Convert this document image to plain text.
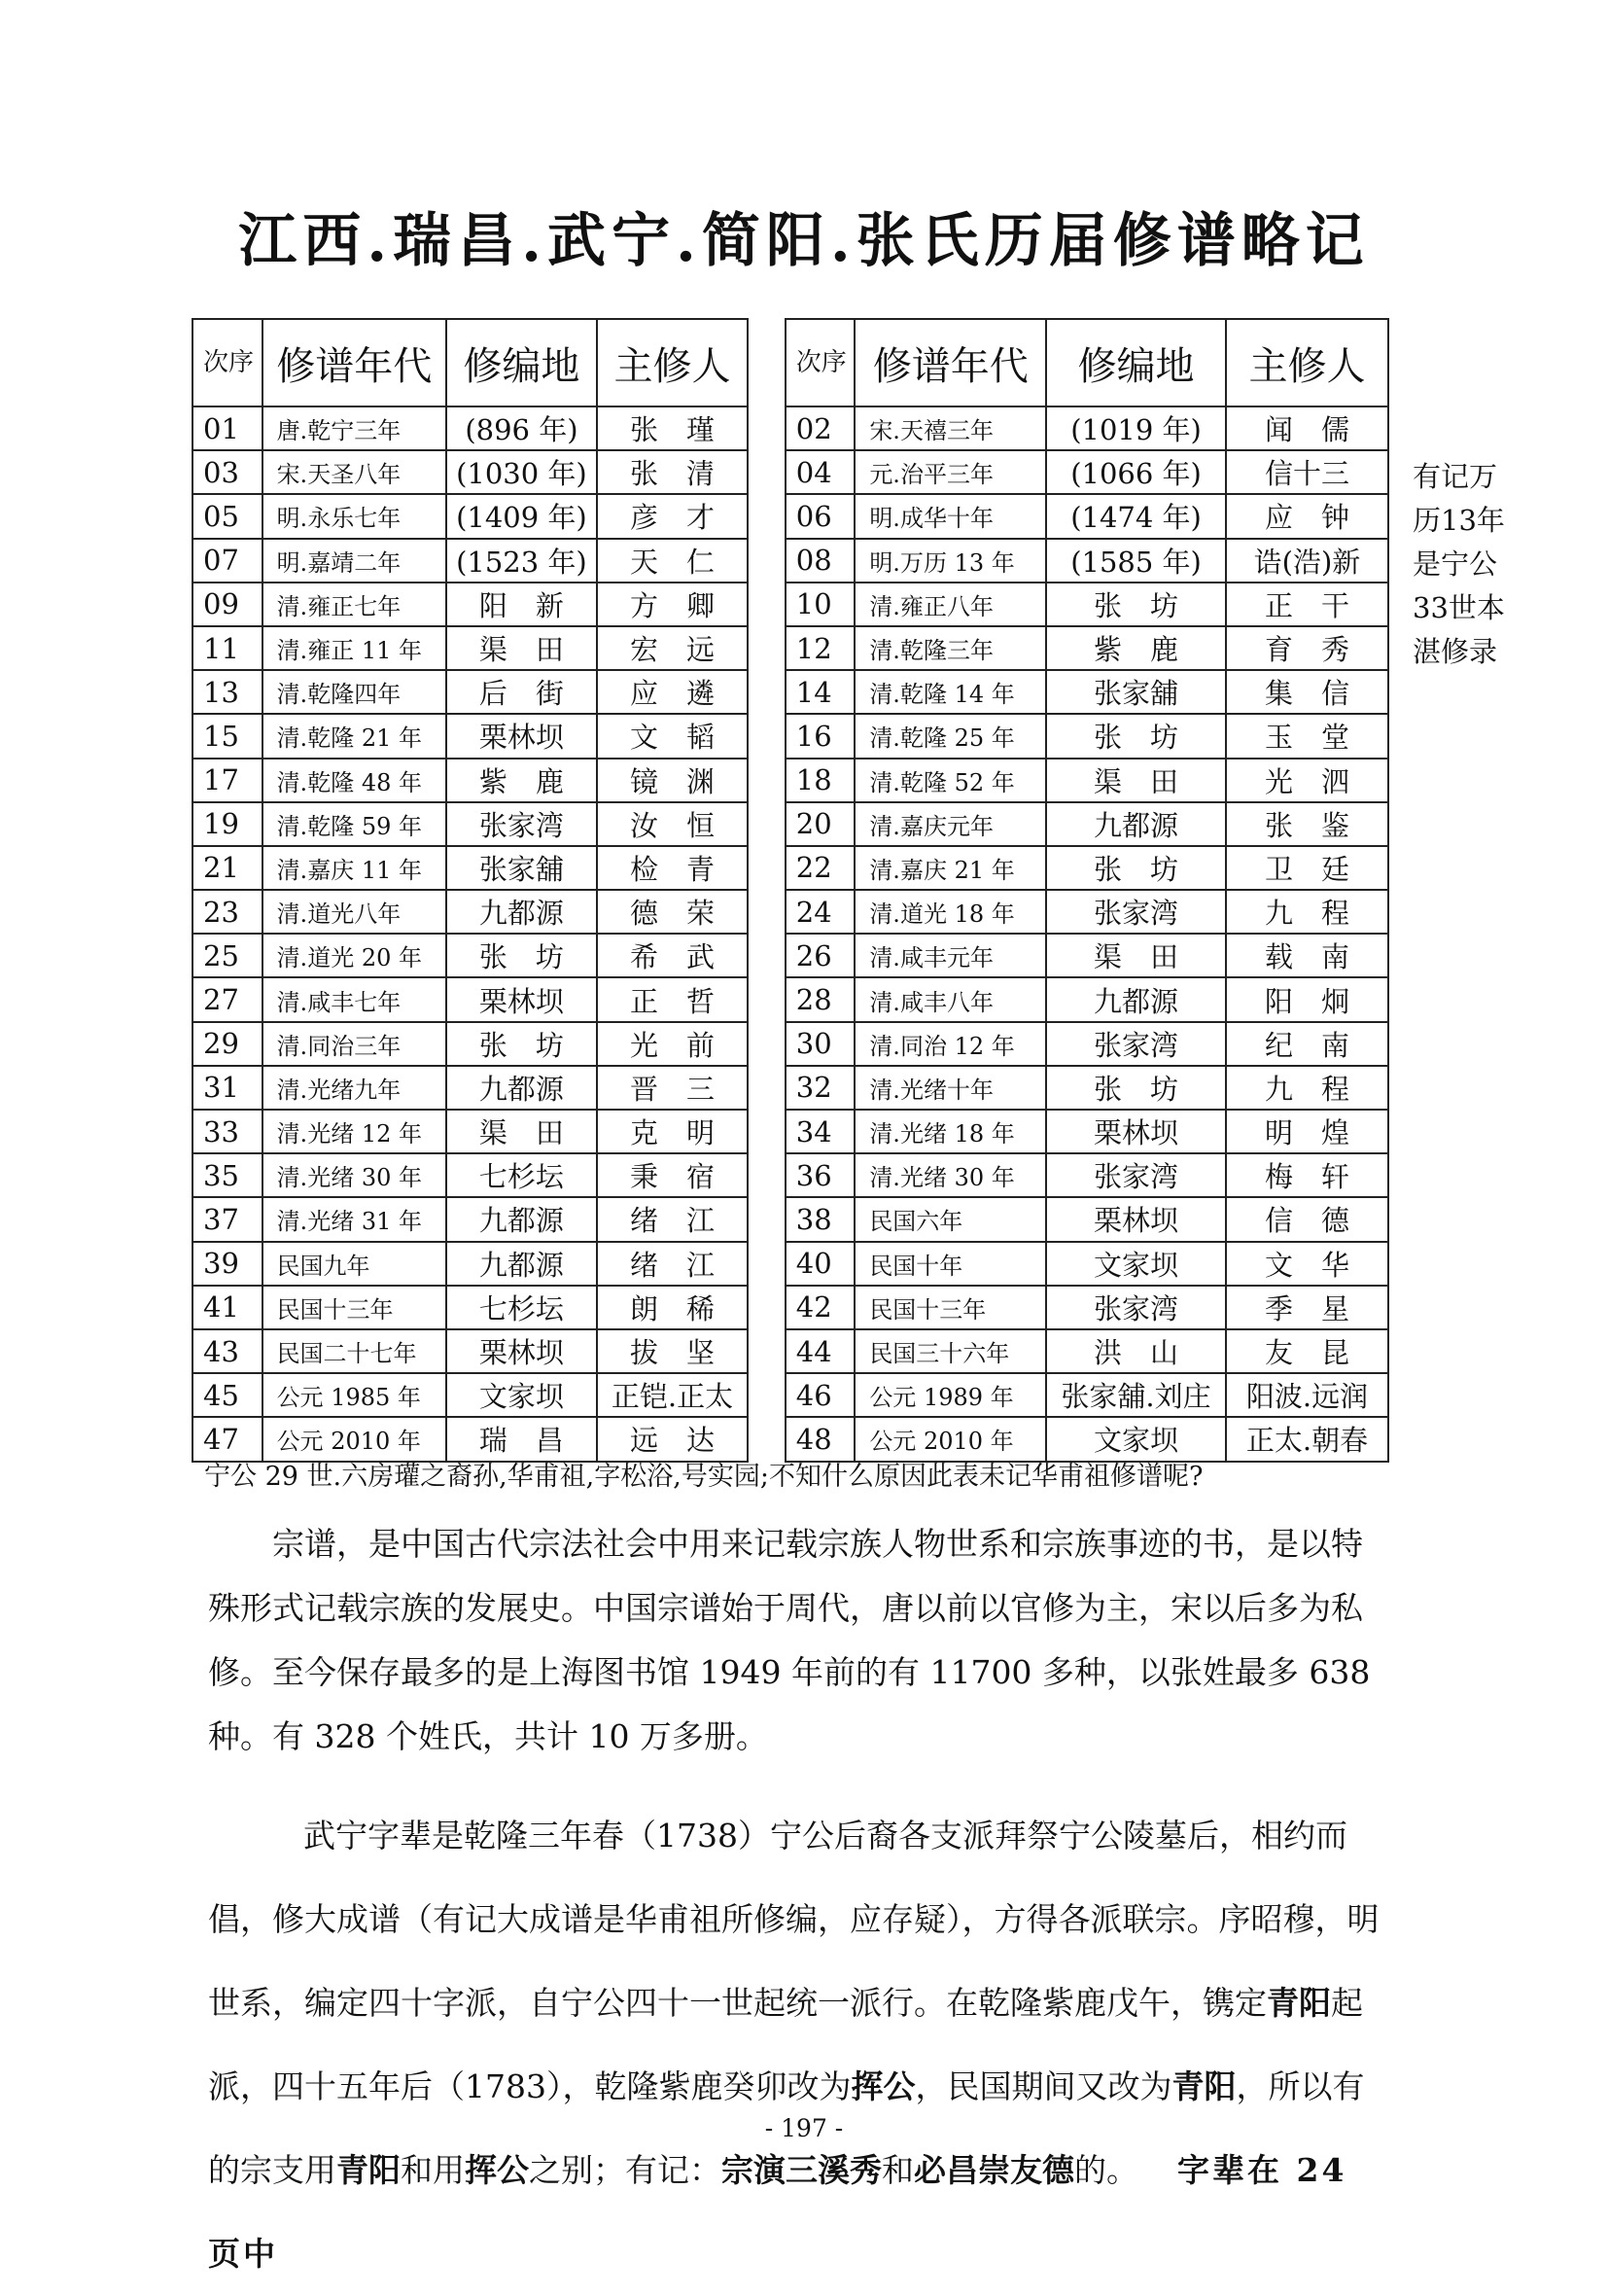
江西.瑞昌.武宁.简阳.张氏历届修谱略记
次序	修谱年代	修编地	主修人		次序	修谱年代	修编地	主修人
01	唐.乾宁三年	(896 年)	张　瑾		02	宋.天禧三年	(1019 年)	闻　儒
03	宋.天圣八年	(1030 年)	张　清		04	元.治平三年	(1066 年)	信十三
05	明.永乐七年	(1409 年)	彦　才		06	明.成华十年	(1474 年)	应　钟
07	明.嘉靖二年	(1523 年)	天　仁		08	明.万历 13 年	(1585 年)	诰(浩)新
09	清.雍正七年	阳　新	方　卿		10	清.雍正八年	张　坊	正　干
11	清.雍正 11 年	渠　田	宏　远		12	清.乾隆三年	紫　鹿	育　秀
13	清.乾隆四年	后　街	应　遴		14	清.乾隆 14 年	张家舖	集　信
15	清.乾隆 21 年	栗林坝	文　韬		16	清.乾隆 25 年	张　坊	玉　堂
17	清.乾隆 48 年	紫　鹿	镜　渊		18	清.乾隆 52 年	渠　田	光　泗
19	清.乾隆 59 年	张家湾	汝　恒		20	清.嘉庆元年	九都源	张　鉴
21	清.嘉庆 11 年	张家舖	检　青		22	清.嘉庆 21 年	张　坊	卫　廷
23	清.道光八年	九都源	德　荣		24	清.道光 18 年	张家湾	九　程
25	清.道光 20 年	张　坊	希　武		26	清.咸丰元年	渠　田	载　南
27	清.咸丰七年	栗林坝	正　哲		28	清.咸丰八年	九都源	阳　炯
29	清.同治三年	张　坊	光　前		30	清.同治 12 年	张家湾	纪　南
31	清.光绪九年	九都源	晋　三		32	清.光绪十年	张　坊	九　程
33	清.光绪 12 年	渠　田	克　明		34	清.光绪 18 年	栗林坝	明　煌
35	清.光绪 30 年	七杉坛	秉　宿		36	清.光绪 30 年	张家湾	梅　轩
37	清.光绪 31 年	九都源	绪　江		38	民国六年	栗林坝	信　德
39	民国九年	九都源	绪　江		40	民国十年	文家坝	文　华
41	民国十三年	七杉坛	朗　稀		42	民国十三年	张家湾	季　星
43	民国二十七年	栗林坝	拔　坚		44	民国三十六年	洪　山	友　昆
45	公元 1985 年	文家坝	正铠.正太		46	公元 1989 年	张家舖.刘庄	阳波.远润
47	公元 2010 年	瑞　昌	远　达		48	公元 2010 年	文家坝	正太.朝春
有记万历13年是宁公33世本湛修录
宁公 29 世.六房瓘之裔孙,华甫祖,字松浴,号实园;不知什么原因此表未记华甫祖修谱呢?
宗谱，是中国古代宗法社会中用来记载宗族人物世系和宗族事迹的书，是以特殊形式记载宗族的发展史。中国宗谱始于周代，唐以前以官修为主，宋以后多为私修。至今保存最多的是上海图书馆 1949 年前的有 11700 多种，以张姓最多 638 种。有 328 个姓氏，共计 10 万多册。
武宁字辈是乾隆三年春（1738）宁公后裔各支派拜祭宁公陵墓后，相约而倡，修大成谱（有记大成谱是华甫祖所修编，应存疑），方得各派联宗。序昭穆，明世系，编定四十字派，自宁公四十一世起统一派行。在乾隆紫鹿戊午，镌定青阳起派，四十五年后（1783），乾隆紫鹿癸卯改为挥公，民国期间又改为青阳，所以有的宗支用青阳和用挥公之别；有记：宗演三溪秀和必昌崇友德的。 字辈在 24 页中
- 197 -
